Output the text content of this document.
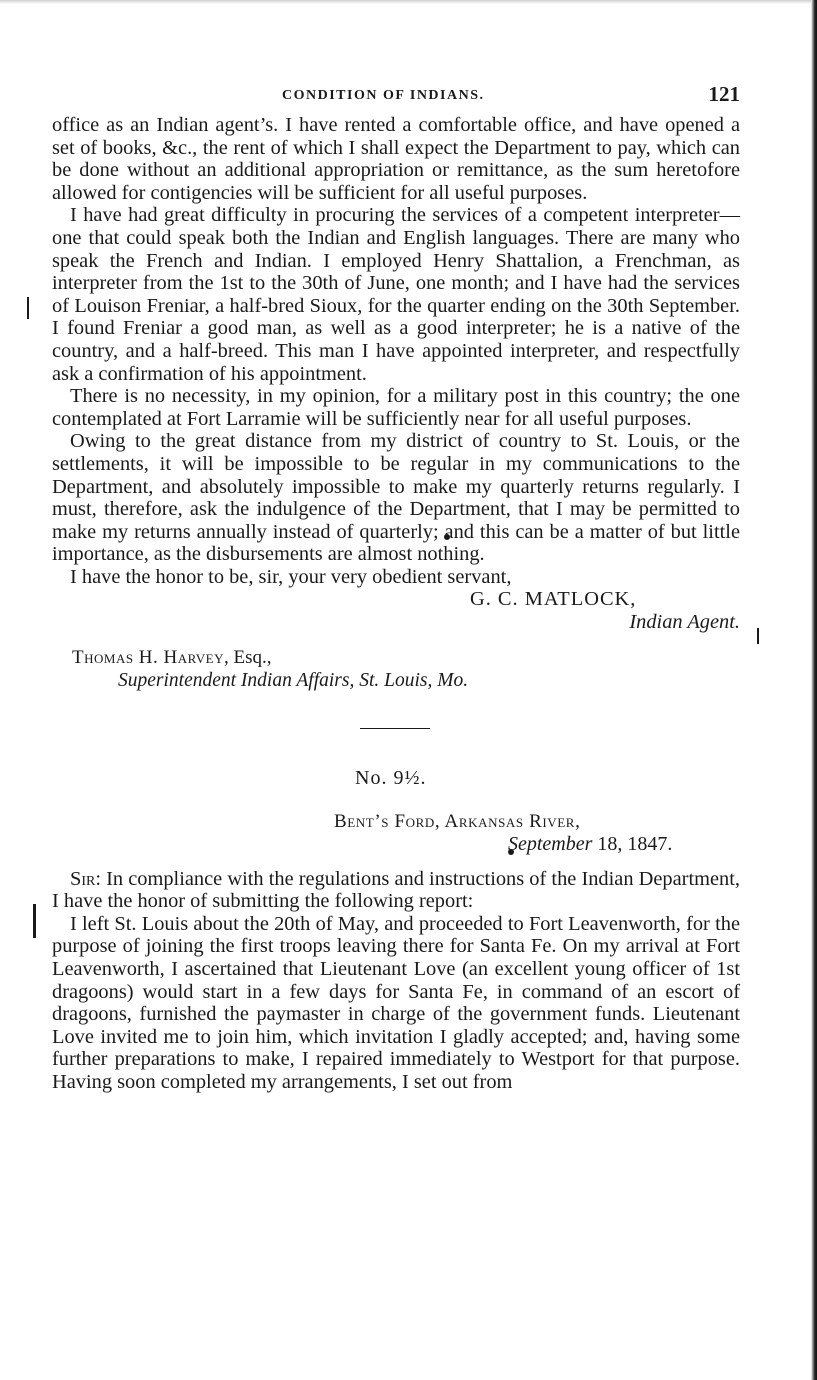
CONDITION OF INDIANS.	121

office as an Indian agent’s. I have rented a comfortable office, and have opened a set of books, &c., the rent of which I shall expect the Department to pay, which can be done without an additional appropriation or remittance, as the sum heretofore allowed for contigencies will be sufficient for all useful purposes.

I have had great difficulty in procuring the services of a competent interpreter—one that could speak both the Indian and English languages. There are many who speak the French and Indian. I employed Henry Shattalion, a Frenchman, as interpreter from the 1st to the 30th of June, one month; and I have had the services of Louison Freniar, a half-bred Sioux, for the quarter ending on the 30th September. I found Freniar a good man, as well as a good interpreter; he is a native of the country, and a half-breed. This man I have appointed interpreter, and respectfully ask a confirmation of his appointment.

There is no necessity, in my opinion, for a military post in this country; the one contemplated at Fort Larramie will be sufficiently near for all useful purposes.

Owing to the great distance from my district of country to St. Louis, or the settlements, it will be impossible to be regular in my communications to the Department, and absolutely impossible to make my quarterly returns regularly. I must, therefore, ask the indulgence of the Department, that I may be permitted to make my returns annually instead of quarterly; and this can be a matter of but little importance, as the disbursements are almost nothing.

I have the honor to be, sir, your very obedient servant,

G. C. MATLOCK,
Indian Agent.
Thomas H. Harvey, Esq.,
Superintendent Indian Affairs, St. Louis, Mo.
No. 9½.
Bent’s Ford, Arkansas River,
September 18, 1847.

Sir: In compliance with the regulations and instructions of the Indian Department, I have the honor of submitting the following report:

I left St. Louis about the 20th of May, and proceeded to Fort Leavenworth, for the purpose of joining the first troops leaving there for Santa Fe. On my arrival at Fort Leavenworth, I ascertained that Lieutenant Love (an excellent young officer of 1st dragoons) would start in a few days for Santa Fe, in command of an escort of dragoons, furnished the paymaster in charge of the government funds. Lieutenant Love invited me to join him, which invitation I gladly accepted; and, having some further preparations to make, I repaired immediately to Westport for that purpose. Having soon completed my arrangements, I set out from
